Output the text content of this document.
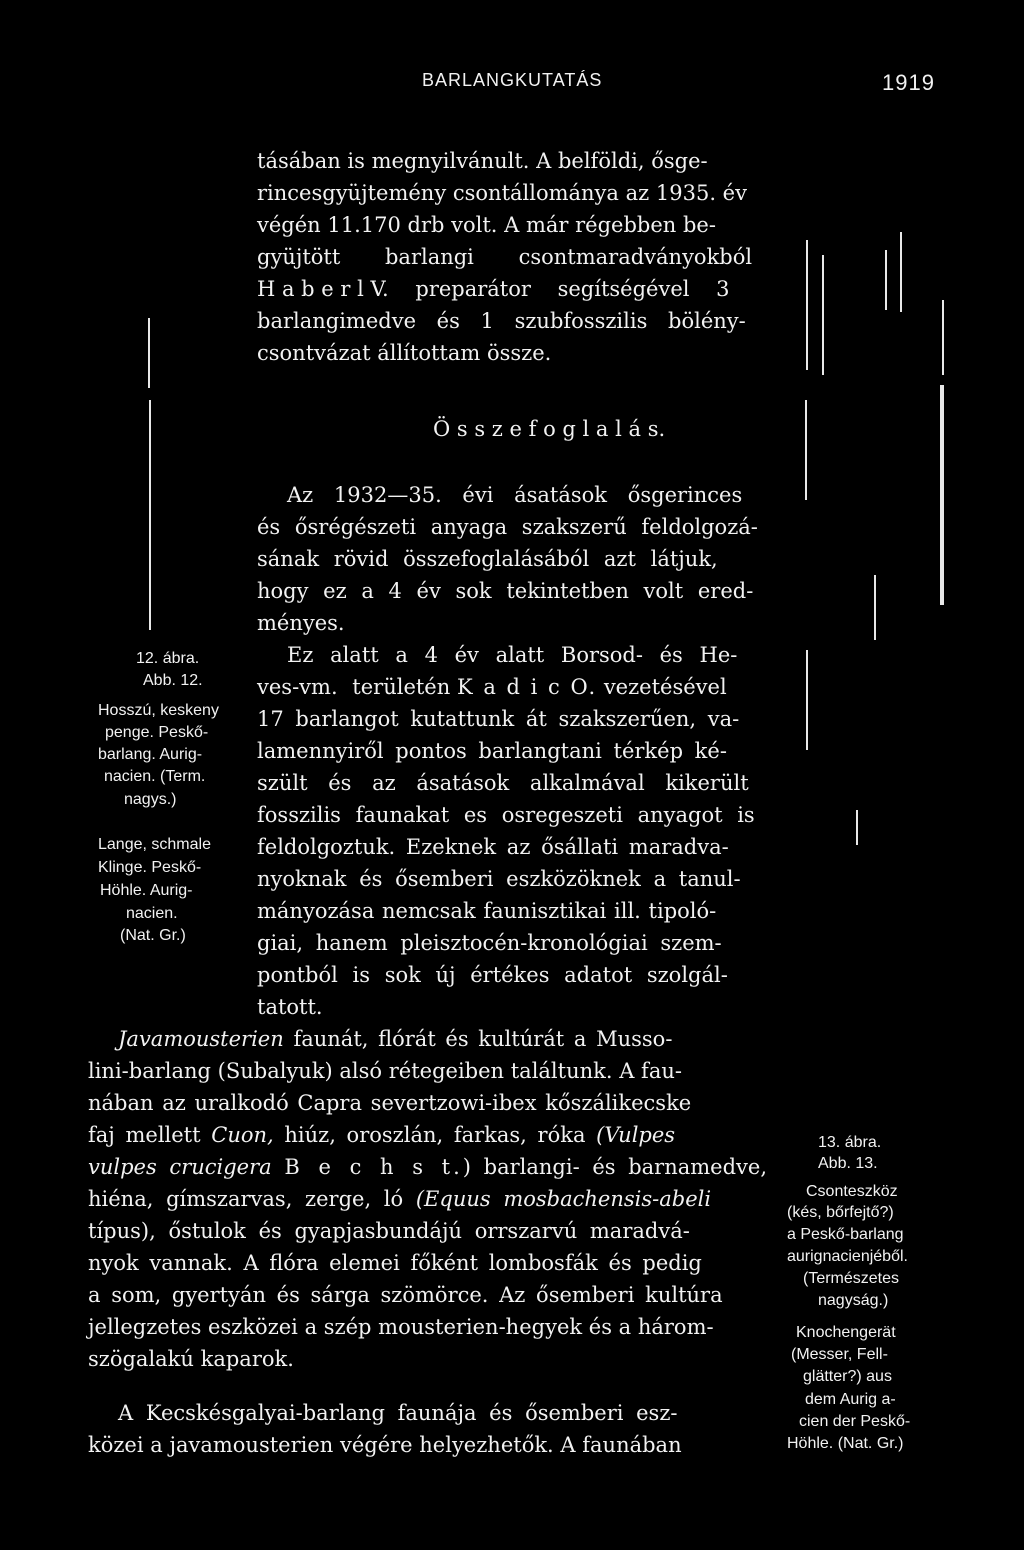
BARLANGKUTATÁS	1919
tásában is megnyilvánult. A belföldi, ősge-
rincesgyüjtemény csontállománya az 1935. év
végén 11.170 drb volt. A már régebben be-
gyüjtött barlangi csontmaradványokból
H a b e r l V. preparátor segítségével 3
barlangimedve és 1 szubfosszilis bölény-
csontvázat állítottam össze.
Ö s s z e f o g l a l á s.
Az 1932—35. évi ásatások ősgerinces
és ősrégészeti anyaga szakszerű feldolgozá-
sának rövid összefoglalásából azt látjuk,
hogy ez a 4 év sok tekintetben volt ered-
ményes.
Ez alatt a 4 év alatt Borsod- és He-
ves-vm. területén K a d i c O. vezetésével
17 barlangot kutattunk át szakszerűen, va-
lamennyiről pontos barlangtani térkép ké-
szült és az ásatások alkalmával kikerült
fosszilis faunakat es osregeszeti anyagot is
feldolgoztuk. Ezeknek az ősállati maradva-
nyoknak és ősemberi eszközöknek a tanul-
mányozása nemcsak faunisztikai ill. tipoló-
giai, hanem pleisztocén-kronológiai szem-
pontból is sok új értékes adatot szolgál-
tatott.
Javamousterien faunát, flórát és kultúrát a Musso-
lini-barlang (Subalyuk) alsó rétegeiben találtunk. A fau-
nában az uralkodó Capra severtzowi-ibex kőszálikecske
faj mellett Cuon, hiúz, oroszlán, farkas, róka (Vulpes
vulpes crucigera B e c h s t.) barlangi- és barnamedve,
hiéna, gímszarvas, zerge, ló (Equus mosbachensis-abeli
típus), őstulok és gyapjasbundájú orrszarvú maradvá-
nyok vannak. A flóra elemei főként lombosfák és pedig
a som, gyertyán és sárga szömörce. Az ősemberi kultúra
jellegzetes eszközei a szép mousterien-hegyek és a három-
szögalakú kaparok.
A Kecskésgalyai-barlang faunája és ősemberi esz-
közei a javamousterien végére helyezhetők. A faunában
12. ábra.
Abb. 12.
Hosszú, keskeny
penge. Peskő-
barlang. Aurig-
nacien. (Term.
nagys.)
Lange, schmale
Klinge. Peskő-
Höhle. Aurig-
nacien.
(Nat. Gr.)
13. ábra.
Abb. 13.
Csonteszköz
(kés, bőrfejtő?)
a Peskő-barlang
aurignacienjéből.
(Természetes
nagyság.)
Knochengerät
(Messer, Fell-
glätter?) aus
dem Aurig a-
cien der Peskő-
Höhle. (Nat. Gr.)
